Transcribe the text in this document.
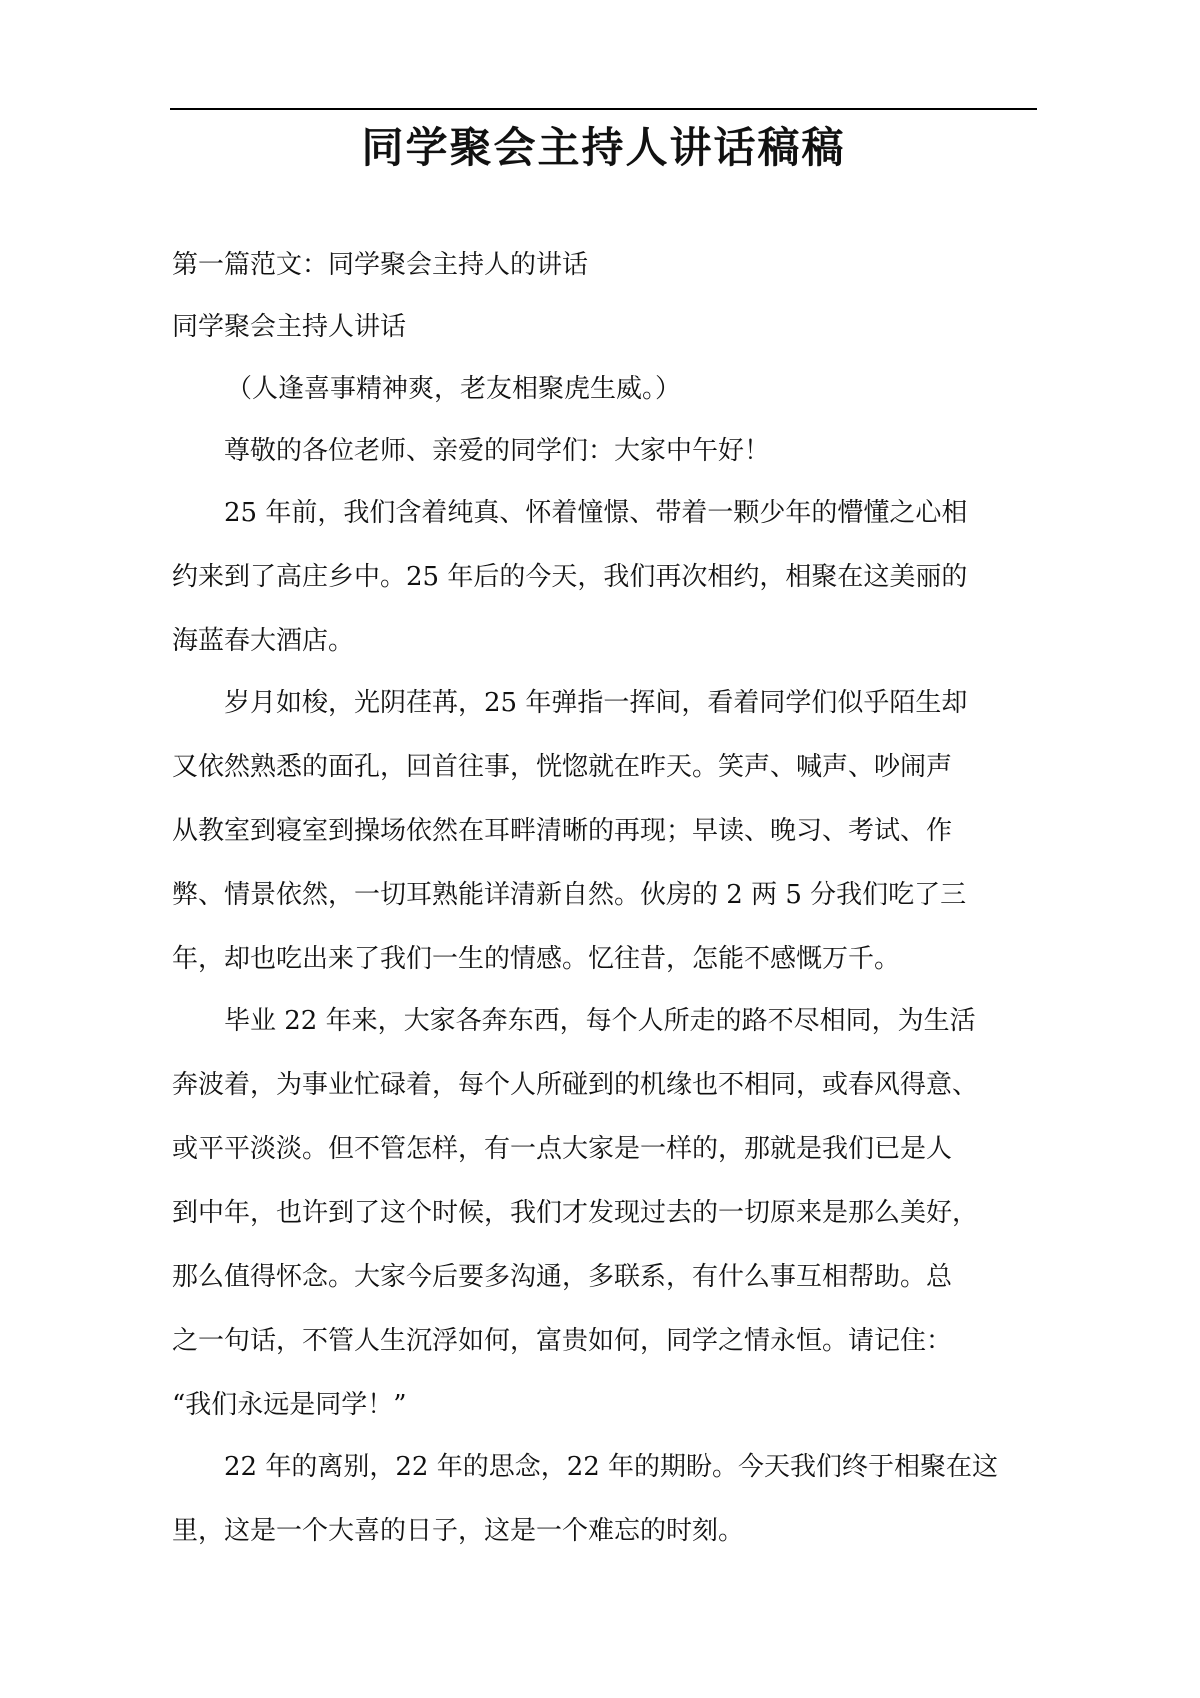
同学聚会主持人讲话稿稿

第一篇范文：同学聚会主持人的讲话

同学聚会主持人讲话

（人逢喜事精神爽，老友相聚虎生威。）

尊敬的各位老师、亲爱的同学们：大家中午好！

25 年前，我们含着纯真、怀着憧憬、带着一颗少年的懵懂之心相
约来到了高庄乡中。25 年后的今天，我们再次相约，相聚在这美丽的
海蓝春大酒店。
岁月如梭，光阴荏苒，25 年弹指一挥间，看着同学们似乎陌生却
又依然熟悉的面孔，回首往事，恍惚就在昨天。笑声、喊声、吵闹声
从教室到寝室到操场依然在耳畔清晰的再现；早读、晚习、考试、作
弊、情景依然，一切耳熟能详清新自然。伙房的 2 两 5 分我们吃了三
年，却也吃出来了我们一生的情感。忆往昔，怎能不感慨万千。
毕业 22 年来，大家各奔东西，每个人所走的路不尽相同，为生活
奔波着，为事业忙碌着，每个人所碰到的机缘也不相同，或春风得意、
或平平淡淡。但不管怎样，有一点大家是一样的，那就是我们已是人
到中年，也许到了这个时候，我们才发现过去的一切原来是那么美好，
那么值得怀念。大家今后要多沟通，多联系，有什么事互相帮助。总
之一句话，不管人生沉浮如何，富贵如何，同学之情永恒。请记住：
“我们永远是同学！”
22 年的离别，22 年的思念，22 年的期盼。今天我们终于相聚在这
里，这是一个大喜的日子，这是一个难忘的时刻。
